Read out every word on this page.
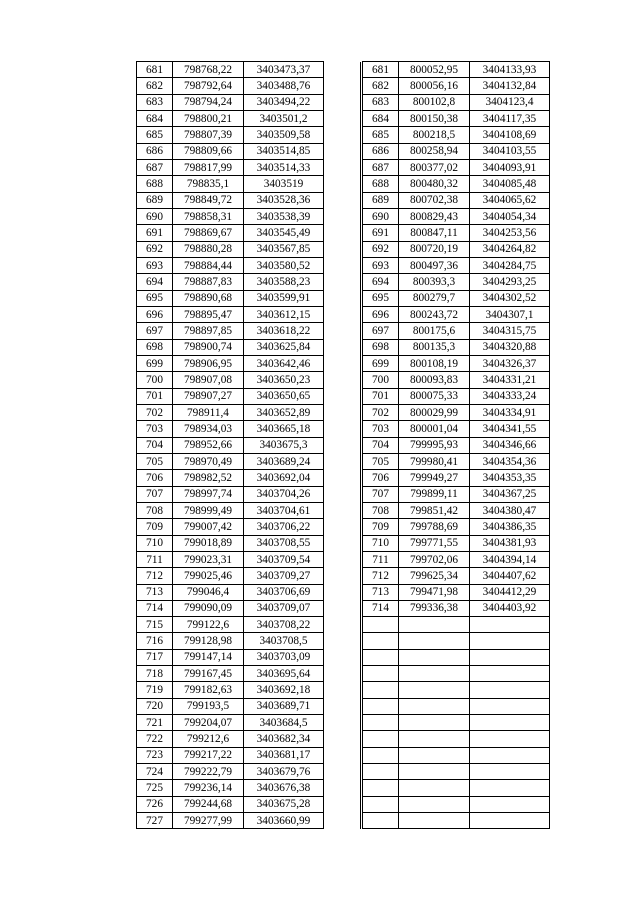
681	798768,22	3403473,37	
682	798792,64	3403488,76	
683	798794,24	3403494,22	
684	798800,21	3403501,2	
685	798807,39	3403509,58	
686	798809,66	3403514,85	
687	798817,99	3403514,33	
688	798835,1	3403519	
689	798849,72	3403528,36	
690	798858,31	3403538,39	
691	798869,67	3403545,49	
692	798880,28	3403567,85	
693	798884,44	3403580,52	
694	798887,83	3403588,23	
695	798890,68	3403599,91	
696	798895,47	3403612,15	
697	798897,85	3403618,22	
698	798900,74	3403625,84	
699	798906,95	3403642,46	
700	798907,08	3403650,23	
701	798907,27	3403650,65	
702	798911,4	3403652,89	
703	798934,03	3403665,18	
704	798952,66	3403675,3	
705	798970,49	3403689,24	
706	798982,52	3403692,04	
707	798997,74	3403704,26	
708	798999,49	3403704,61	
709	799007,42	3403706,22	
710	799018,89	3403708,55	
711	799023,31	3403709,54	
712	799025,46	3403709,27	
713	799046,4	3403706,69	
714	799090,09	3403709,07	
715	799122,6	3403708,22	
716	799128,98	3403708,5	
717	799147,14	3403703,09	
718	799167,45	3403695,64	
719	799182,63	3403692,18	
720	799193,5	3403689,71	
721	799204,07	3403684,5	
722	799212,6	3403682,34	
723	799217,22	3403681,17	
724	799222,79	3403679,76	
725	799236,14	3403676,38	
726	799244,68	3403675,28	
727	799277,99	3403660,99	
681	800052,95	3404133,93
682	800056,16	3404132,84
683	800102,8	3404123,4
684	800150,38	3404117,35
685	800218,5	3404108,69
686	800258,94	3404103,55
687	800377,02	3404093,91
688	800480,32	3404085,48
689	800702,38	3404065,62
690	800829,43	3404054,34
691	800847,11	3404253,56
692	800720,19	3404264,82
693	800497,36	3404284,75
694	800393,3	3404293,25
695	800279,7	3404302,52
696	800243,72	3404307,1
697	800175,6	3404315,75
698	800135,3	3404320,88
699	800108,19	3404326,37
700	800093,83	3404331,21
701	800075,33	3404333,24
702	800029,99	3404334,91
703	800001,04	3404341,55
704	799995,93	3404346,66
705	799980,41	3404354,36
706	799949,27	3404353,35
707	799899,11	3404367,25
708	799851,42	3404380,47
709	799788,69	3404386,35
710	799771,55	3404381,93
711	799702,06	3404394,14
712	799625,34	3404407,62
713	799471,98	3404412,29
714	799336,38	3404403,92
